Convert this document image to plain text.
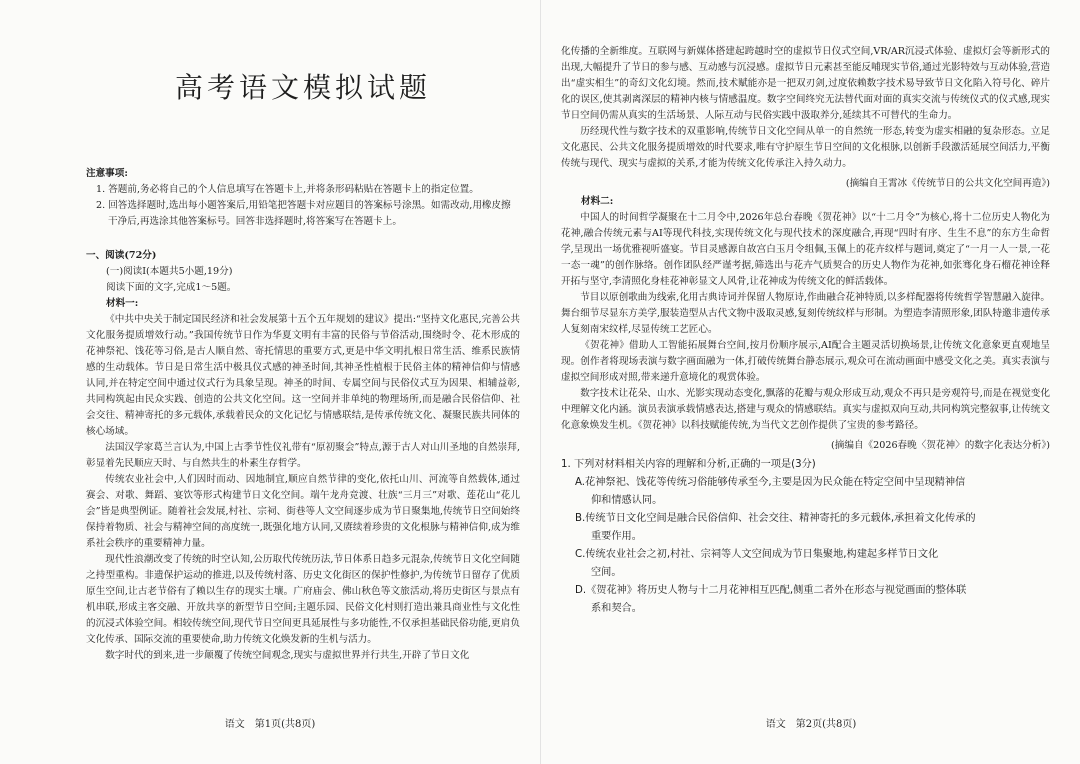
高考语文模拟试题

注意事项:

1. 答题前,务必将自己的个人信息填写在答题卡上,并将条形码粘贴在答题卡上的指定位置。

2. 回答选择题时,选出每小题答案后,用铅笔把答题卡对应题目的答案标号涂黑。如需改动,用橡皮擦干净后,再选涂其他答案标号。回答非选择题时,将答案写在答题卡上。

一、阅读(72分)

(一)阅读Ⅰ(本题共5小题,19分)

阅读下面的文字,完成1～5题。

材料一:

《中共中央关于制定国民经济和社会发展第十五个五年规划的建议》提出:“坚持文化惠民,完善公共文化服务提质增效行动。”我国传统节日作为华夏文明有丰富的民俗与节俗活动,围绕时令、花木形成的花神祭祀、饯花等习俗,是古人顺自然、寄托情思的重要方式,更是中华文明扎根日常生活、维系民族情感的生动载体。节日是日常生活中极具仪式感的神圣时间,其神圣性植根于民俗主体的精神信仰与情感认同,并在特定空间中通过仪式行为具象呈现。神圣的时间、专属空间与民俗仪式互为因果、相辅益彰,共同构筑起由民众实践、创造的公共文化空间。这一空间并非单纯的物理场所,而是融合民俗信仰、社会交往、精神寄托的多元载体,承载着民众的文化记忆与情感联结,是传承传统文化、凝聚民族共同体的核心场域。

法国汉学家葛兰言认为,中国上古季节性仪礼带有“原初聚会”特点,源于古人对山川圣地的自然崇拜,彰显着先民顺应天时、与自然共生的朴素生存哲学。

传统农业社会中,人们因时而动、因地制宜,顺应自然节律的变化,依托山川、河流等自然载体,通过赛会、对歌、舞蹈、宴饮等形式构建节日文化空间。端午龙舟竞渡、壮族“三月三”对歌、莲花山“花儿会”皆是典型例证。随着社会发展,村社、宗祠、街巷等人文空间逐步成为节日聚集地,传统节日空间始终保持着物质、社会与精神空间的高度统一,既强化地方认同,又赓续着珍贵的文化根脉与精神信仰,成为维系社会秩序的重要精神力量。

现代性浪潮改变了传统的时空认知,公历取代传统历法,节日体系日趋多元混杂,传统节日文化空间随之持型重构。非遗保护运动的推进,以及传统村落、历史文化街区的保护性修护,为传统节日留存了优质原生空间,让古老节俗有了赖以生存的现实土壤。广府庙会、佛山秋色等文旅活动,将历史街区与景点有机串联,形成主客交融、开放共享的新型节日空间;主题乐园、民俗文化村则打造出兼具商业性与文化性的沉浸式体验空间。相较传统空间,现代节日空间更具延展性与多功能性,不仅承担基础民俗功能,更肩负文化传承、国际交流的重要使命,助力传统文化焕发新的生机与活力。

数字时代的到来,进一步颠覆了传统空间观念,现实与虚拟世界并行共生,开辟了节日文化

语文　第1页(共8页)

化传播的全新维度。互联网与新媒体搭建起跨越时空的虚拟节日仪式空间,VR/AR沉浸式体验、虚拟灯会等新形式的出现,大幅提升了节日的参与感、互动感与沉浸感。虚拟节日元素甚至能反哺现实节俗,通过光影特效与互动体验,营造出“虚实相生”的奇幻文化幻境。然而,技术赋能亦是一把双刃剑,过度依赖数字技术易导致节日文化陷入符号化、碎片化的误区,使其剥离深层的精神内核与情感温度。数字空间终究无法替代面对面的真实交流与传统仪式的仪式感,现实节日空间仍需从真实的生活场景、人际互动与民俗实践中汲取养分,延续其不可替代的生命力。

历经现代性与数字技术的双重影响,传统节日文化空间从单一的自然统一形态,转变为虚实相融的复杂形态。立足文化惠民、公共文化服务提质增效的时代要求,唯有守护原生节日空间的文化根脉,以创新手段激活延展空间活力,平衡传统与现代、现实与虚拟的关系,才能为传统文化传承注入持久动力。

(摘编自王霄冰《传统节日的公共文化空间再造》)

材料二:

中国人的时间哲学凝聚在十二月令中,2026年总台春晚《贺花神》以“十二月令”为核心,将十二位历史人物化为花神,融合传统元素与AI等现代科技,实现传统文化与现代技术的深度融合,再现“四时有序、生生不息”的东方生命哲学,呈现出一场优雅视听盛宴。节目灵感源自故宫白玉月令组佩,玉佩上的花卉纹样与题词,奠定了“一月一人一景,一花一态一魂”的创作脉络。创作团队经严谨考据,筛选出与花卉气质契合的历史人物作为花神,如张骞化身石榴花神诠释开拓与坚守,李清照化身桂花神彰显文人风骨,让花神成为传统文化的鲜活载体。

节目以原创歌曲为线索,化用古典诗词并保留人物原诗,作曲融合花神特质,以多样配器将传统哲学智慧融入旋律。舞台细节尽显东方美学,服装造型从古代文物中汲取灵感,复刻传统纹样与形制。为塑造李清照形象,团队特邀非遗传承人复刻南宋纹样,尽显传统工艺匠心。

《贺花神》借助人工智能拓展舞台空间,按月份顺序展示,AI配合主题灵活切换场景,让传统文化意象更直观地呈现。创作者将现场表演与数字画面融为一体,打破传统舞台静态展示,观众可在流动画面中感受文化之美。真实表演与虚拟空间形成对照,带来递升意境化的观赏体验。

数字技术让花朵、山水、光影实现动态变化,飘落的花瓣与观众形成互动,观众不再只是旁观符号,而是在视觉变化中理解文化内涵。演员表演承载情感表达,搭建与观众的情感联结。真实与虚拟双向互动,共同构筑完整叙事,让传统文化意象焕发生机。《贺花神》以科技赋能传统,为当代文艺创作提供了宝贵的参考路径。

(摘编自《2026春晚〈贺花神〉的数字化表达分析》)

1. 下列对材料相关内容的理解和分析,正确的一项是(3分)

A.花神祭祀、饯花等传统习俗能够传承至今,主要是因为民众能在特定空间中呈现精神信
仰和情感认同。

B.传统节日文化空间是融合民俗信仰、社会交往、精神寄托的多元载体,承担着文化传承的
重要作用。

C.传统农业社会之初,村社、宗祠等人文空间成为节日集聚地,构建起多样节日文化
空间。

D.《贺花神》将历史人物与十二月花神相互匹配,侧重二者外在形态与视觉画面的整体联
系和契合。

语文　第2页(共8页)
